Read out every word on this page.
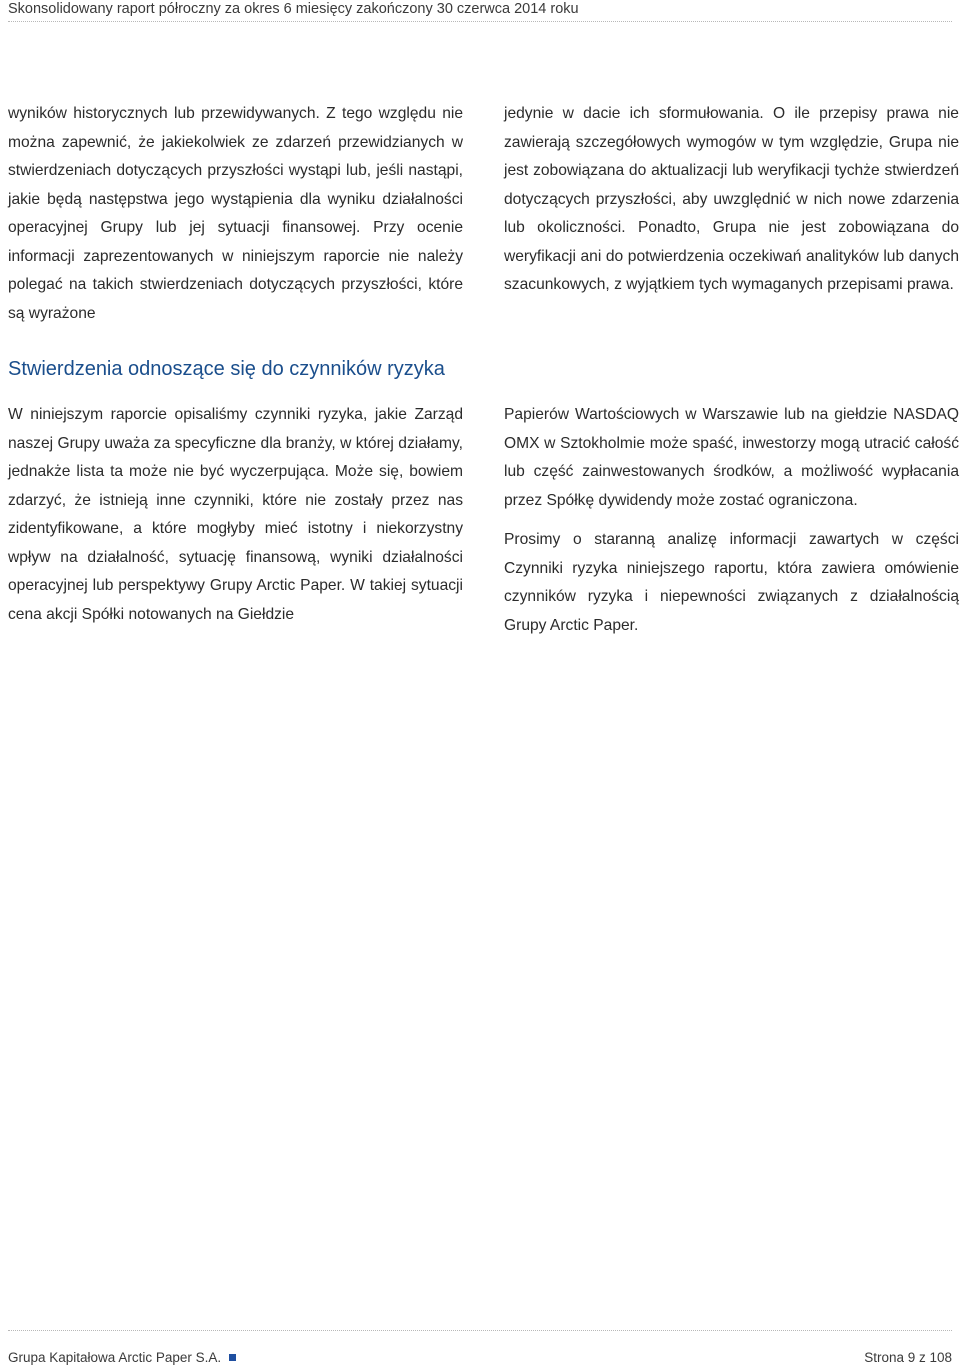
Skonsolidowany raport półroczny za okres 6 miesięcy zakończony 30 czerwca 2014 roku

wyników historycznych lub przewidywanych. Z tego względu nie można zapewnić, że jakiekolwiek ze zdarzeń przewidzianych w stwierdzeniach dotyczących przyszłości wystąpi lub, jeśli nastąpi, jakie będą następstwa jego wystąpienia dla wyniku działalności operacyjnej Grupy lub jej sytuacji finansowej. Przy ocenie informacji zaprezentowanych w niniejszym raporcie nie należy polegać na takich stwierdzeniach dotyczących przyszłości, które są wyrażone

jedynie w dacie ich sformułowania. O ile przepisy prawa nie zawierają szczegółowych wymogów w tym względzie, Grupa nie jest zobowiązana do aktualizacji lub weryfikacji tychże stwierdzeń dotyczących przyszłości, aby uwzględnić w nich nowe zdarzenia lub okoliczności. Ponadto, Grupa nie jest zobowiązana do weryfikacji ani do potwierdzenia oczekiwań analityków lub danych szacunkowych, z wyjątkiem tych wymaganych przepisami prawa.

Stwierdzenia odnoszące się do czynników ryzyka

W niniejszym raporcie opisaliśmy czynniki ryzyka, jakie Zarząd naszej Grupy uważa za specyficzne dla branży, w której działamy, jednakże lista ta może nie być wyczerpująca. Może się, bowiem zdarzyć, że istnieją inne czynniki, które nie zostały przez nas zidentyfikowane, a które mogłyby mieć istotny i niekorzystny wpływ na działalność, sytuację finansową, wyniki działalności operacyjnej lub perspektywy Grupy Arctic Paper. W takiej sytuacji cena akcji Spółki notowanych na Giełdzie

Papierów Wartościowych w Warszawie lub na giełdzie NASDAQ OMX w Sztokholmie może spaść, inwestorzy mogą utracić całość lub część zainwestowanych środków, a możliwość wypłacania przez Spółkę dywidendy może zostać ograniczona.

Prosimy o staranną analizę informacji zawartych w części Czynniki ryzyka niniejszego raportu, która zawiera omówienie czynników ryzyka i niepewności związanych z działalnością Grupy Arctic Paper.

Grupa Kapitałowa Arctic Paper S.A.	Strona 9 z 108
